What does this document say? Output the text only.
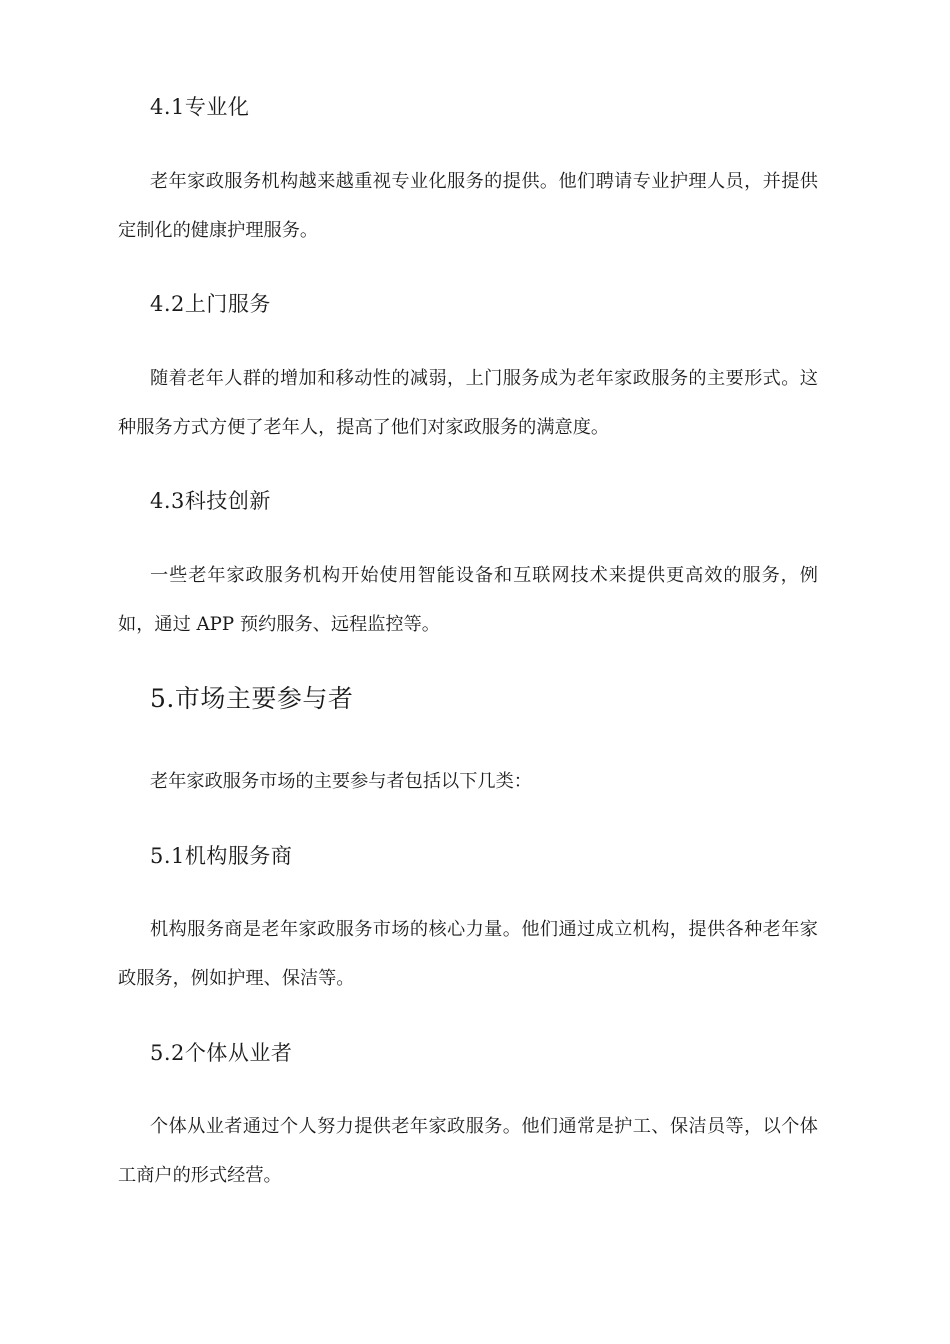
4.1专业化
老年家政服务机构越来越重视专业化服务的提供。他们聘请专业护理人员，并提供定制化的健康护理服务。
4.2上门服务
随着老年人群的增加和移动性的减弱，上门服务成为老年家政服务的主要形式。这种服务方式方便了老年人，提高了他们对家政服务的满意度。
4.3科技创新
一些老年家政服务机构开始使用智能设备和互联网技术来提供更高效的服务，例如，通过 APP 预约服务、远程监控等。
5.市场主要参与者
老年家政服务市场的主要参与者包括以下几类：
5.1机构服务商
机构服务商是老年家政服务市场的核心力量。他们通过成立机构，提供各种老年家政服务，例如护理、保洁等。
5.2个体从业者
个体从业者通过个人努力提供老年家政服务。他们通常是护工、保洁员等，以个体工商户的形式经营。
